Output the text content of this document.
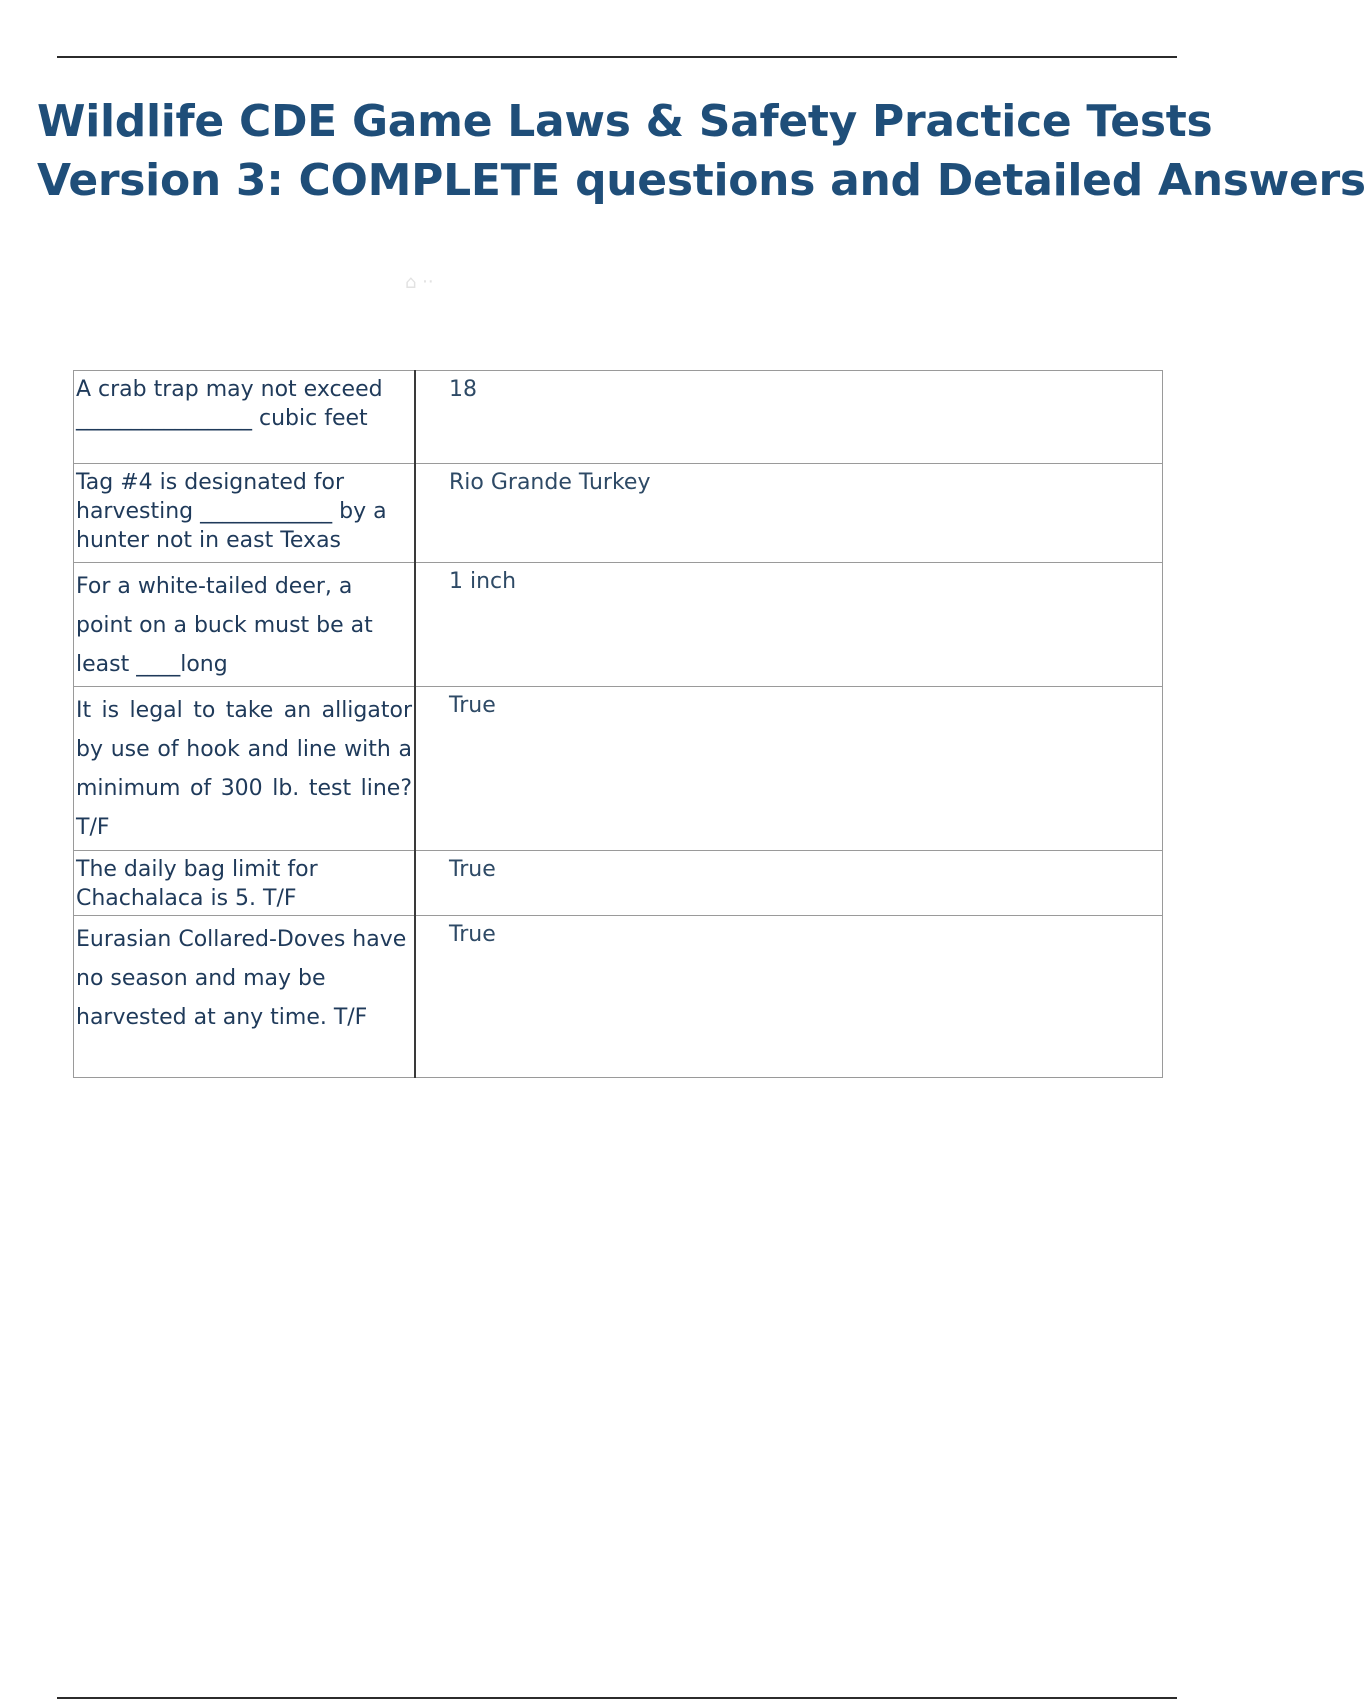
Wildlife CDE Game Laws & Safety Practice Tests
Version 3: COMPLETE questions and Detailed Answers
⌂ ‧‧
A crab trap may not exceed ________________ cubic feet	18
Tag #4 is designated for harvesting ____________ by a hunter not in east Texas	Rio Grande Turkey
For a white-tailed deer, a point on a buck must be at least ____long	1 inch
It is legal to take an alligator by use of hook and line with a minimum of 300 lb. test line? T/F	True
The daily bag limit for Chachalaca is 5. T/F	True
Eurasian Collared-Doves have no season and may be harvested at any time. T/F	True
